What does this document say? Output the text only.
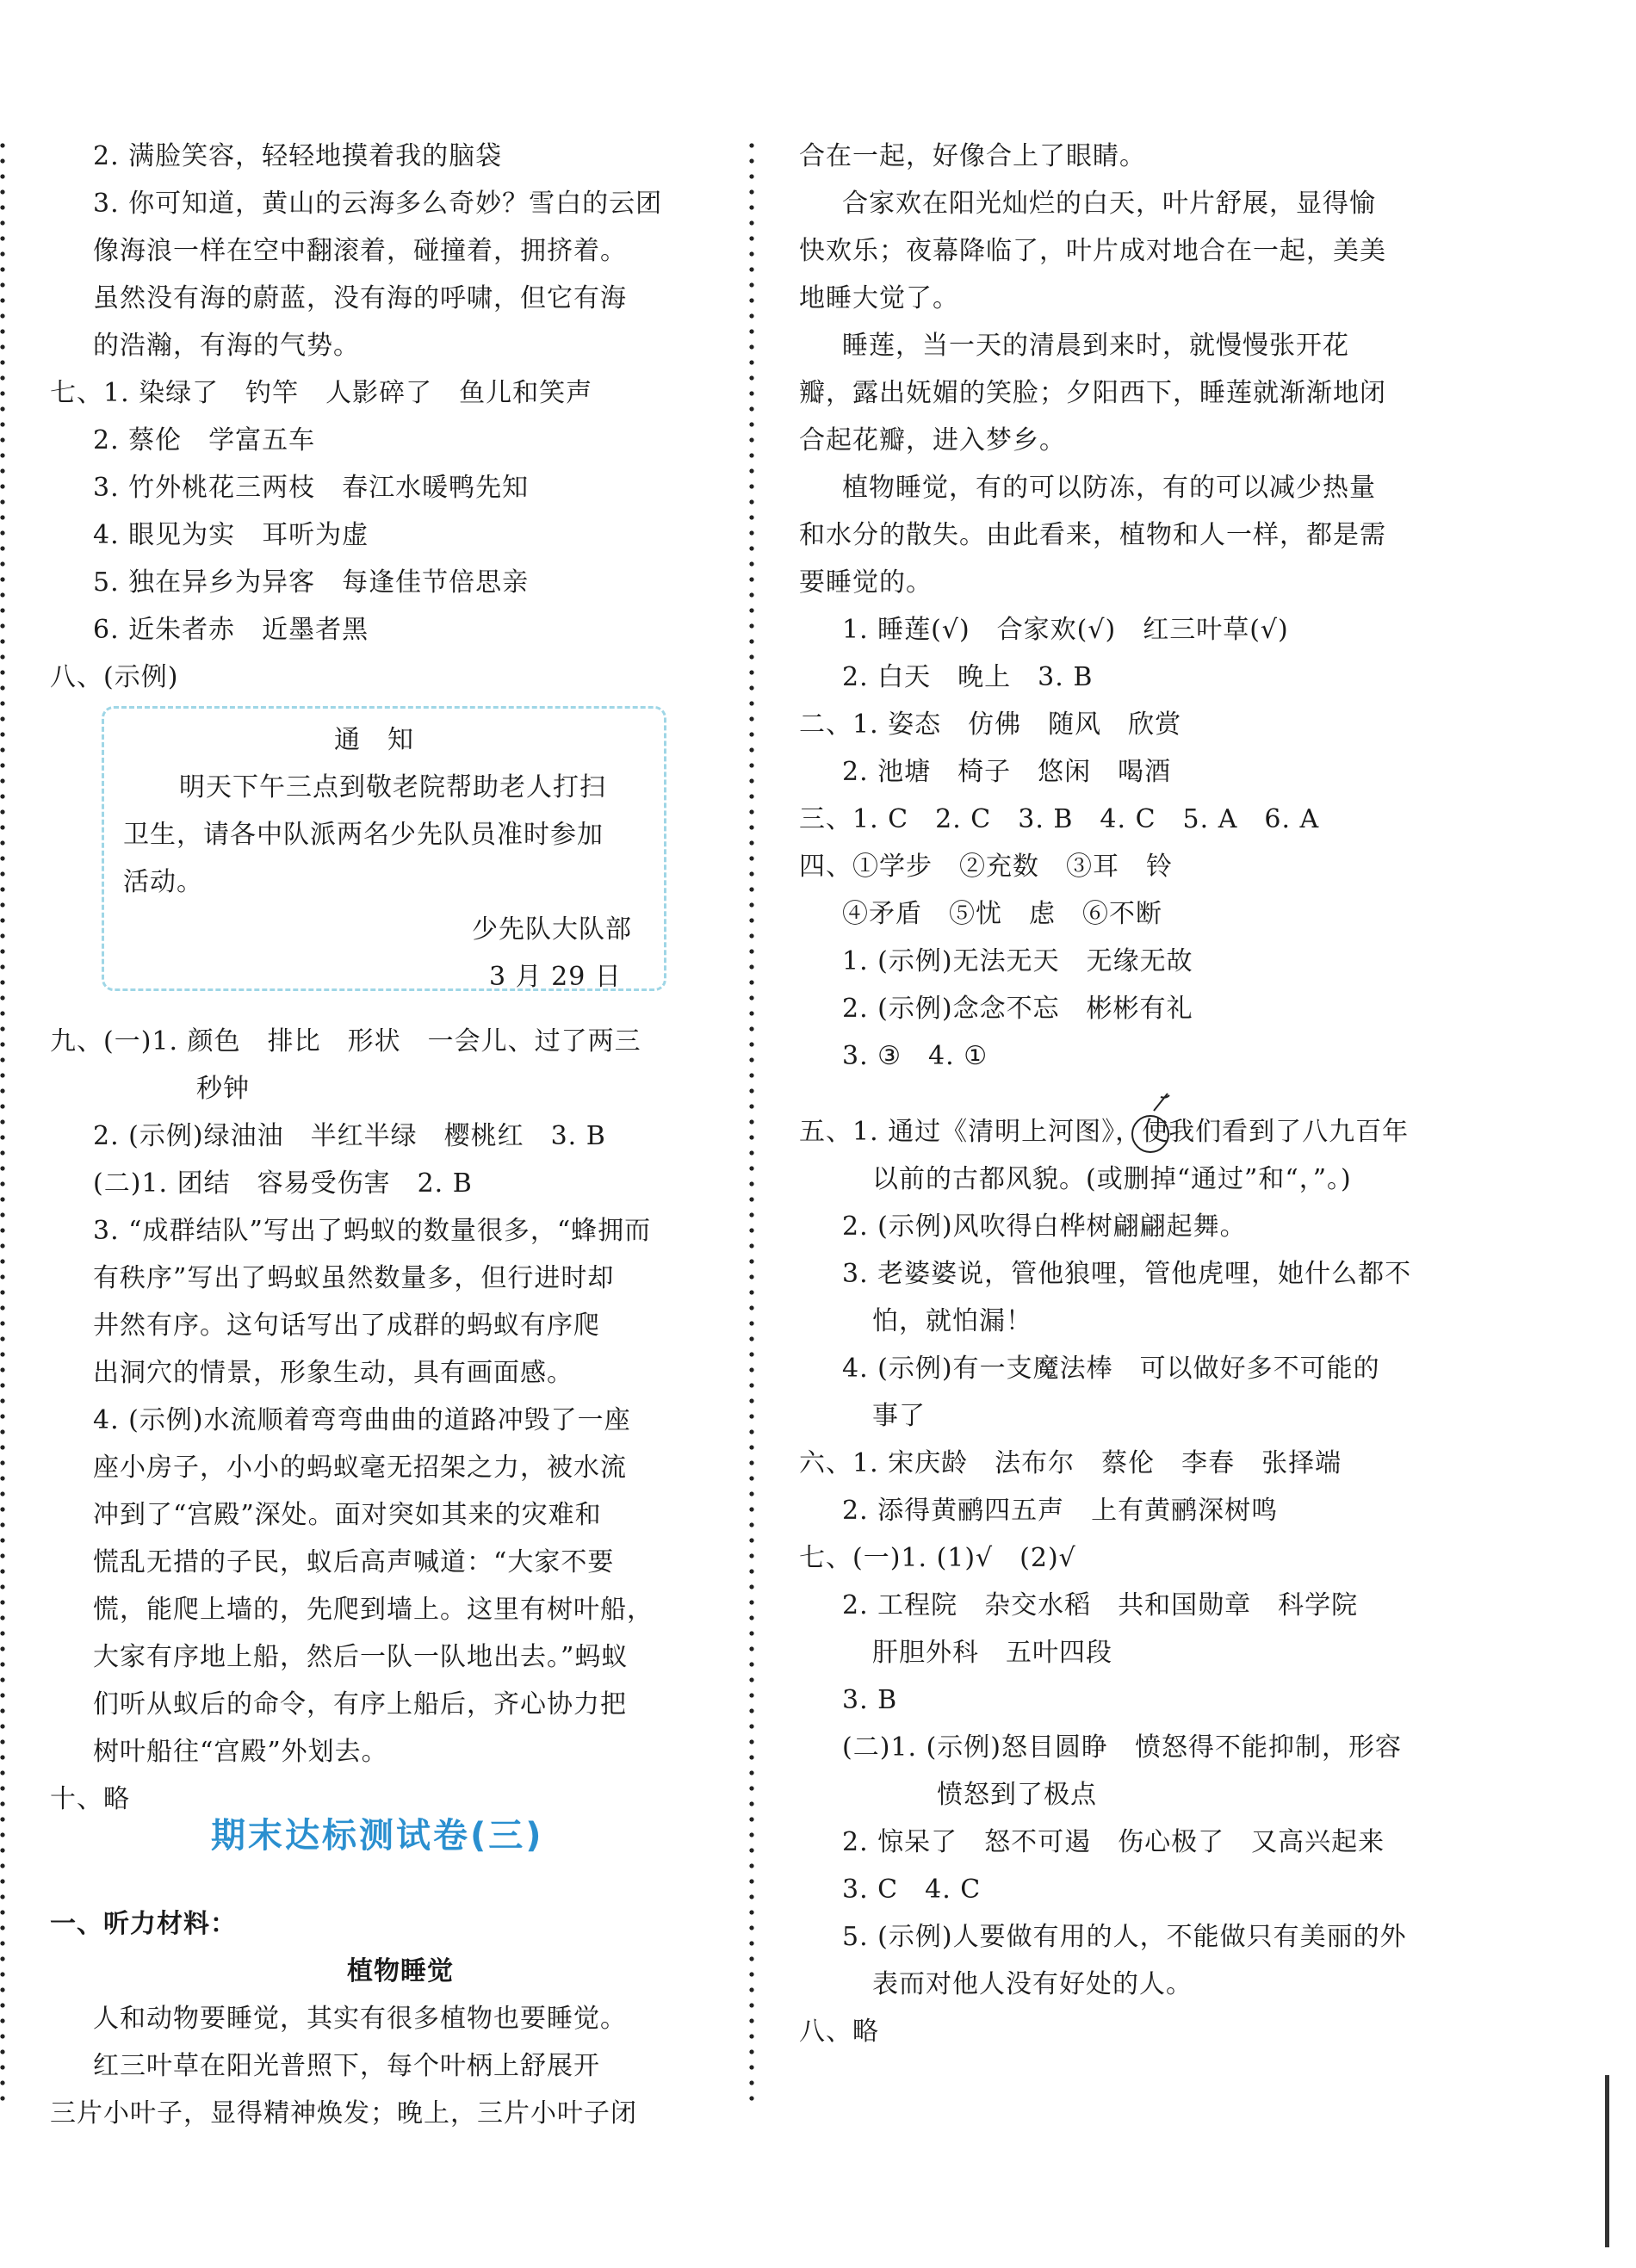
2. 满脸笑容，轻轻地摸着我的脑袋
3. 你可知道，黄山的云海多么奇妙？雪白的云团
像海浪一样在空中翻滚着，碰撞着，拥挤着。
虽然没有海的蔚蓝，没有海的呼啸，但它有海
的浩瀚，有海的气势。
七、1. 染绿了　钓竿　人影碎了　鱼儿和笑声
2. 蔡伦　学富五车
3. 竹外桃花三两枝　春江水暖鸭先知
4. 眼见为实　耳听为虚
5. 独在异乡为异客　每逢佳节倍思亲
6. 近朱者赤　近墨者黑
八、(示例)
通　知
明天下午三点到敬老院帮助老人打扫
卫生，请各中队派两名少先队员准时参加
活动。
少先队大队部
3 月 29 日
九、(一)1. 颜色　排比　形状　一会儿、过了两三
秒钟
2. (示例)绿油油　半红半绿　樱桃红　3. B
(二)1. 团结　容易受伤害　2. B
3. “成群结队”写出了蚂蚁的数量很多，“蜂拥而
有秩序”写出了蚂蚁虽然数量多，但行进时却
井然有序。这句话写出了成群的蚂蚁有序爬
出洞穴的情景，形象生动，具有画面感。
4. (示例)水流顺着弯弯曲曲的道路冲毁了一座
座小房子，小小的蚂蚁毫无招架之力，被水流
冲到了“宫殿”深处。面对突如其来的灾难和
慌乱无措的子民，蚁后高声喊道：“大家不要
慌，能爬上墙的，先爬到墙上。这里有树叶船，
大家有序地上船，然后一队一队地出去。”蚂蚁
们听从蚁后的命令，有序上船后，齐心协力把
树叶船往“宫殿”外划去。
十、略
一、听力材料：
植物睡觉
人和动物要睡觉，其实有很多植物也要睡觉。
红三叶草在阳光普照下，每个叶柄上舒展开
三片小叶子，显得精神焕发；晚上，三片小叶子闭
期末达标测试卷(三)
合在一起，好像合上了眼睛。
合家欢在阳光灿烂的白天，叶片舒展，显得愉
快欢乐；夜幕降临了，叶片成对地合在一起，美美
地睡大觉了。
睡莲，当一天的清晨到来时，就慢慢张开花
瓣，露出妩媚的笑脸；夕阳西下，睡莲就渐渐地闭
合起花瓣，进入梦乡。
植物睡觉，有的可以防冻，有的可以减少热量
和水分的散失。由此看来，植物和人一样，都是需
要睡觉的。
1. 睡莲(√)　合家欢(√)　红三叶草(√)
2. 白天　晚上　3. B
二、1. 姿态　仿佛　随风　欣赏
2. 池塘　椅子　悠闲　喝酒
三、1. C　2. C　3. B　4. C　5. A　6. A
四、①学步　②充数　③耳　铃
④矛盾　⑤忧　虑　⑥不断
1. (示例)无法无天　无缘无故
2. (示例)念念不忘　彬彬有礼
3. ③　4. ①
五、1. 通过《清明上河图》，使我们看到了八九百年
以前的古都风貌。(或删掉“通过”和“，”。)
2. (示例)风吹得白桦树翩翩起舞。
3. 老婆婆说，管他狼哩，管他虎哩，她什么都不
怕，就怕漏！
4. (示例)有一支魔法棒　可以做好多不可能的
事了
六、1. 宋庆龄　法布尔　蔡伦　李春　张择端
2. 添得黄鹂四五声　上有黄鹂深树鸣
七、(一)1. (1)√　(2)√
2. 工程院　杂交水稻　共和国勋章　科学院
肝胆外科　五叶四段
3. B
(二)1. (示例)怒目圆睁　愤怒得不能抑制，形容
愤怒到了极点
2. 惊呆了　怒不可遏　伤心极了　又高兴起来
3. C　4. C
5. (示例)人要做有用的人，不能做只有美丽的外
表而对他人没有好处的人。
八、略
